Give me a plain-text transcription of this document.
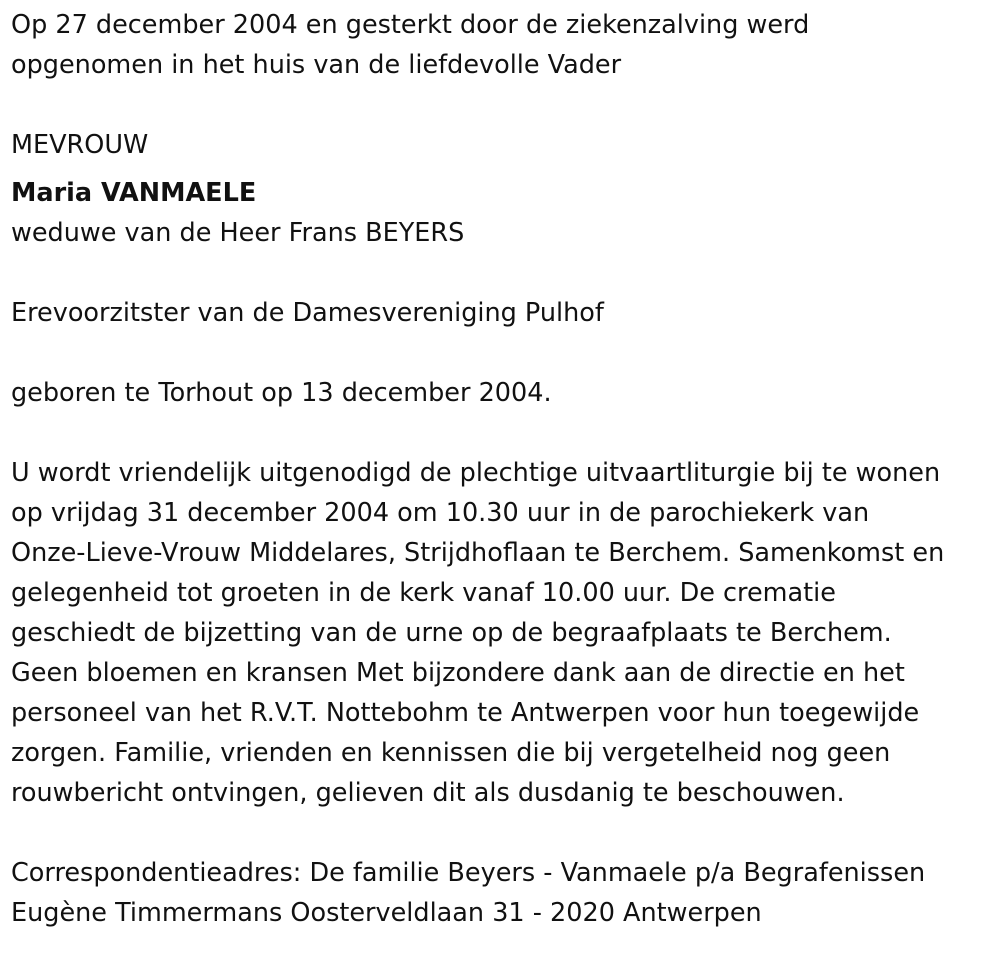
Op 27 december 2004 en gesterkt door de ziekenzalving werd
opgenomen in het huis van de liefdevolle Vader
MEVROUW
Maria VANMAELE
weduwe van de Heer Frans BEYERS
Erevoorzitster van de Damesvereniging Pulhof
geboren te Torhout op 13 december 2004.
U wordt vriendelijk uitgenodigd de plechtige uitvaartliturgie bij te wonen
op vrijdag 31 december 2004 om 10.30 uur in de parochiekerk van
Onze-Lieve-Vrouw Middelares, Strijdhoflaan te Berchem. Samenkomst en
gelegenheid tot groeten in de kerk vanaf 10.00 uur. De crematie
geschiedt de bijzetting van de urne op de begraafplaats te Berchem.
Geen bloemen en kransen Met bijzondere dank aan de directie en het
personeel van het R.V.T. Nottebohm te Antwerpen voor hun toegewijde
zorgen. Familie, vrienden en kennissen die bij vergetelheid nog geen
rouwbericht ontvingen, gelieven dit als dusdanig te beschouwen.
Correspondentieadres: De familie Beyers - Vanmaele p/a Begrafenissen
Eugène Timmermans Oosterveldlaan 31 - 2020 Antwerpen
